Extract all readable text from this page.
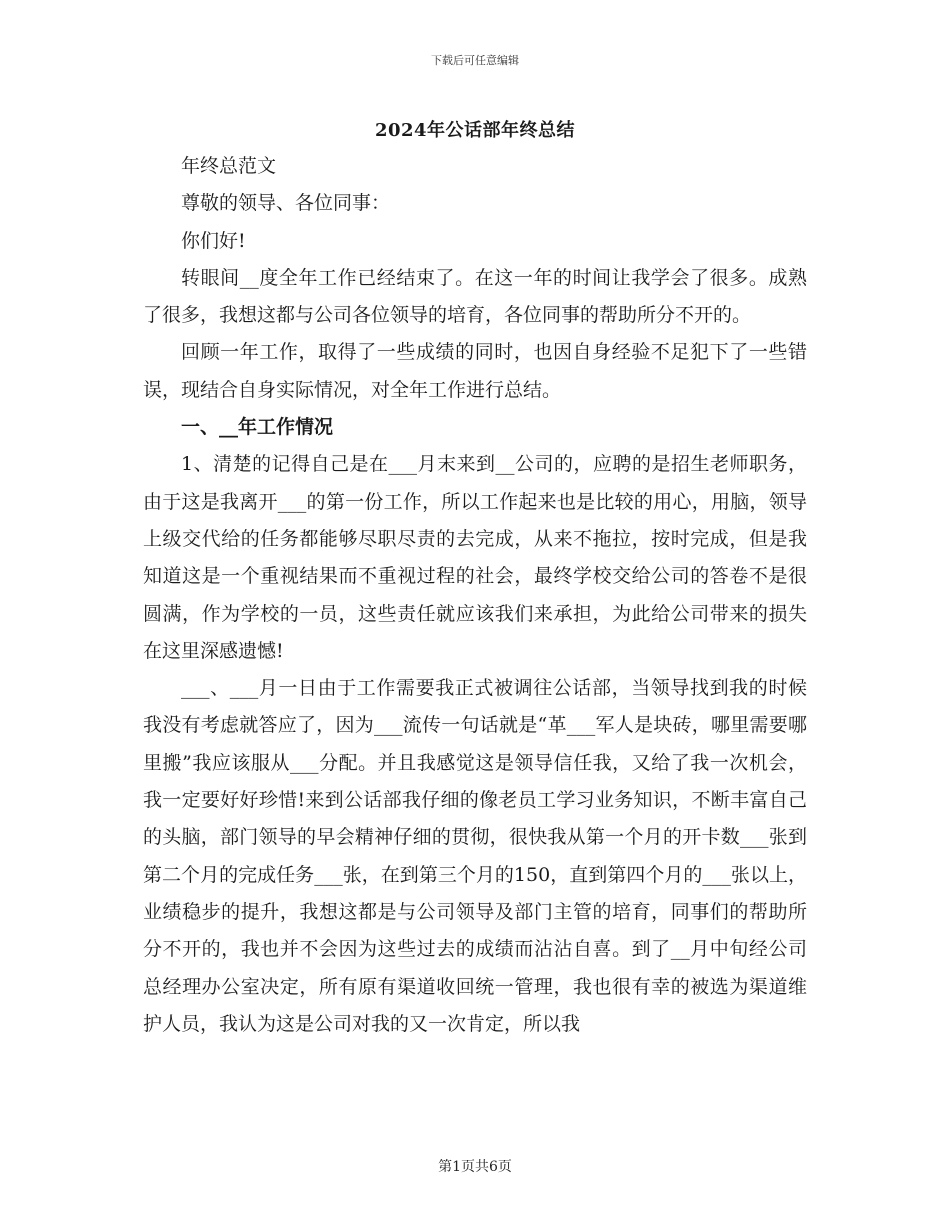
下载后可任意编辑
2024年公话部年终总结

年终总范文

尊敬的领导、各位同事：

你们好!

转眼间__度全年工作已经结束了。在这一年的时间让我学会了很多。成熟了很多，我想这都与公司各位领导的培育，各位同事的帮助所分不开的。

回顾一年工作，取得了一些成绩的同时，也因自身经验不足犯下了一些错误，现结合自身实际情况，对全年工作进行总结。

一、__年工作情况

1、清楚的记得自己是在___月末来到__公司的，应聘的是招生老师职务，由于这是我离开___的第一份工作，所以工作起来也是比较的用心，用脑，领导上级交代给的任务都能够尽职尽责的去完成，从来不拖拉，按时完成，但是我知道这是一个重视结果而不重视过程的社会，最终学校交给公司的答卷不是很圆满，作为学校的一员，这些责任就应该我们来承担，为此给公司带来的损失在这里深感遗憾!

___、___月一日由于工作需要我正式被调往公话部，当领导找到我的时候我没有考虑就答应了，因为___流传一句话就是“革___军人是块砖，哪里需要哪里搬”我应该服从___分配。并且我感觉这是领导信任我，又给了我一次机会，我一定要好好珍惜!来到公话部我仔细的像老员工学习业务知识，不断丰富自己的头脑，部门领导的早会精神仔细的贯彻，很快我从第一个月的开卡数___张到第二个月的完成任务___张，在到第三个月的150，直到第四个月的___张以上，业绩稳步的提升，我想这都是与公司领导及部门主管的培育，同事们的帮助所分不开的，我也并不会因为这些过去的成绩而沾沾自喜。到了__月中旬经公司总经理办公室决定，所有原有渠道收回统一管理，我也很有幸的被选为渠道维护人员，我认为这是公司对我的又一次肯定，所以我

第1页共6页
